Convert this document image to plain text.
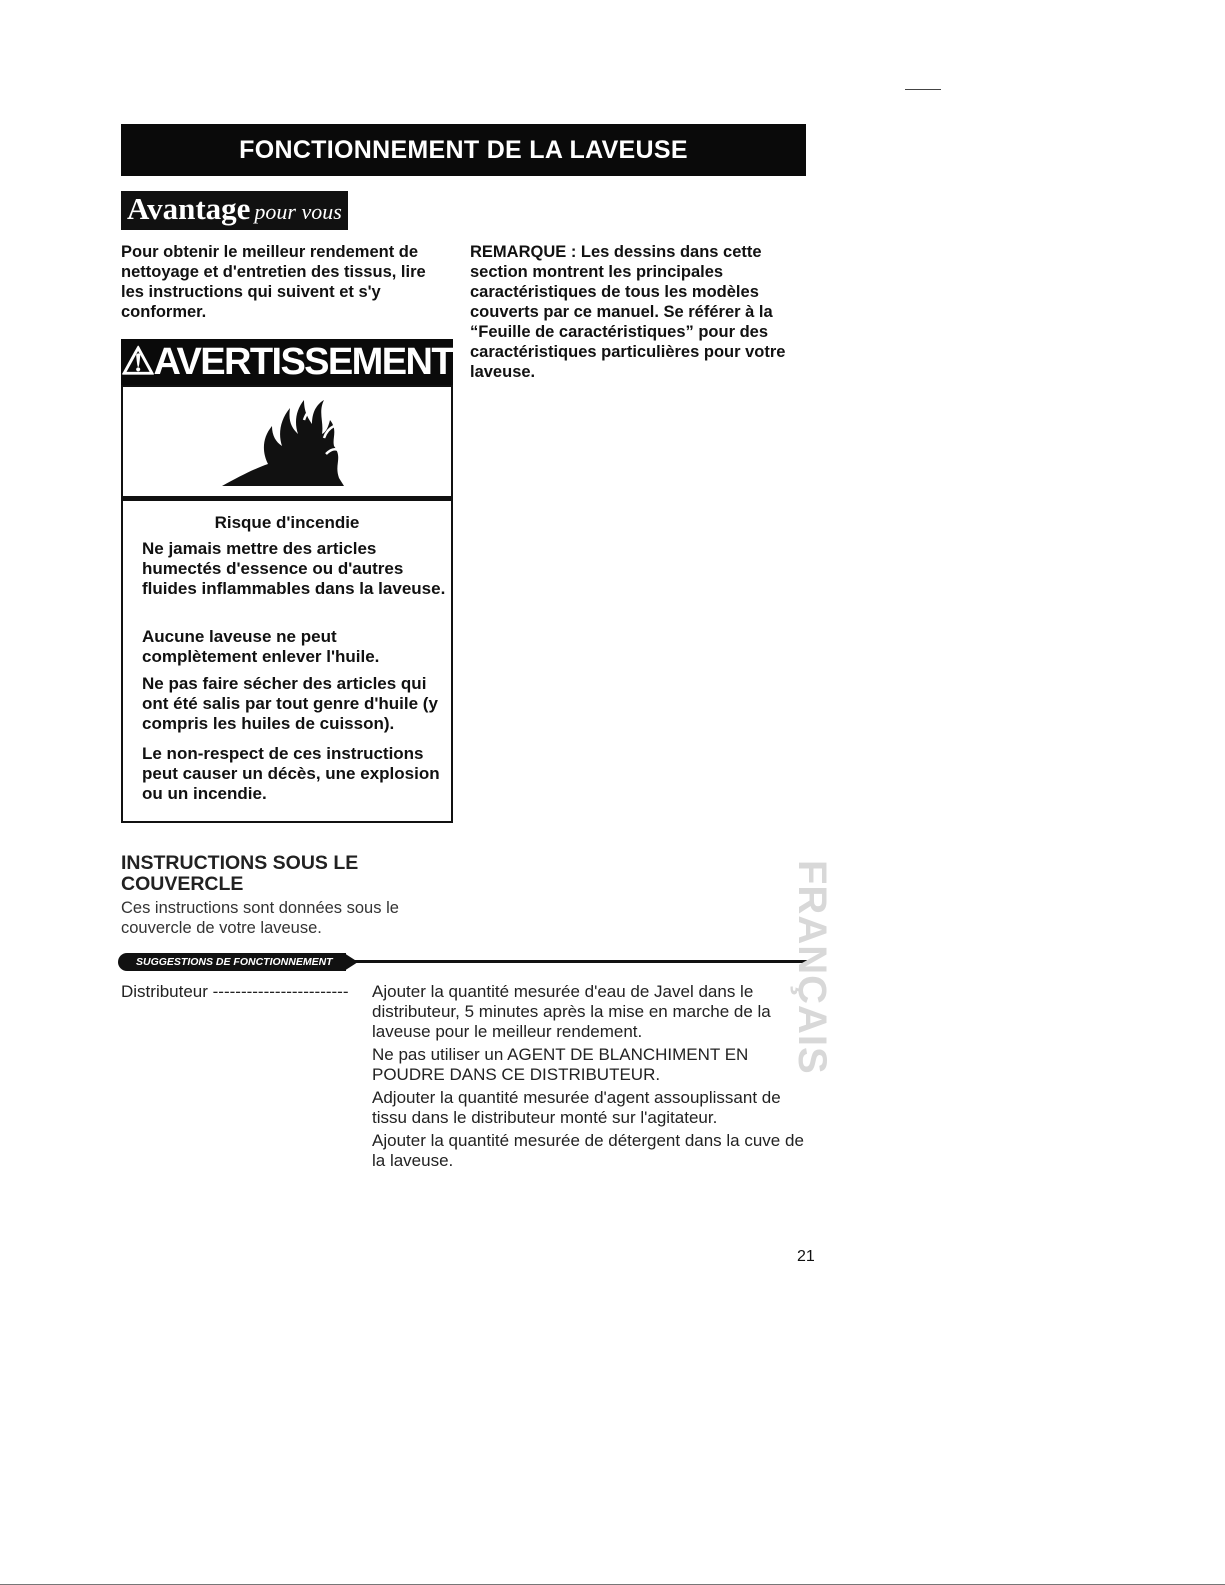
FONCTIONNEMENT DE LA LAVEUSE
Avantage pour vous
Pour obtenir le meilleur rendement de nettoyage et d'entretien des tissus, lire les instructions qui suivent et s'y conformer.
REMARQUE : Les dessins dans cette section montrent les principales caractéristiques de tous les modèles couverts par ce manuel. Se référer à la “Feuille de caractéristiques” pour des caractéristiques particulières pour votre laveuse.
⚠AVERTISSEMENT
Risque d'incendie
Ne jamais mettre des articles humectés d'essence ou d'autres fluides inflammables dans la laveuse.
Aucune laveuse ne peut complètement enlever l'huile.
Ne pas faire sécher des articles qui ont été salis par tout genre d'huile (y compris les huiles de cuisson).
Le non-respect de ces instructions peut causer un décès, une explosion ou un incendie.
INSTRUCTIONS SOUS LE COUVERCLE
Ces instructions sont données sous le couvercle de votre laveuse.
SUGGESTIONS DE FONCTIONNEMENT
Distributeur ------------------------ Ajouter la quantité mesurée d'eau de Javel dans le distributeur, 5 minutes après la mise en marche de la laveuse pour le meilleur rendement.
Ne pas utiliser un AGENT DE BLANCHIMENT EN POUDRE DANS CE DISTRIBUTEUR.
Adjouter la quantité mesurée d'agent assouplissant de tissu dans le distributeur monté sur l'agitateur.
Ajouter la quantité mesurée de détergent dans la cuve de la laveuse.
FRANÇAIS
21
